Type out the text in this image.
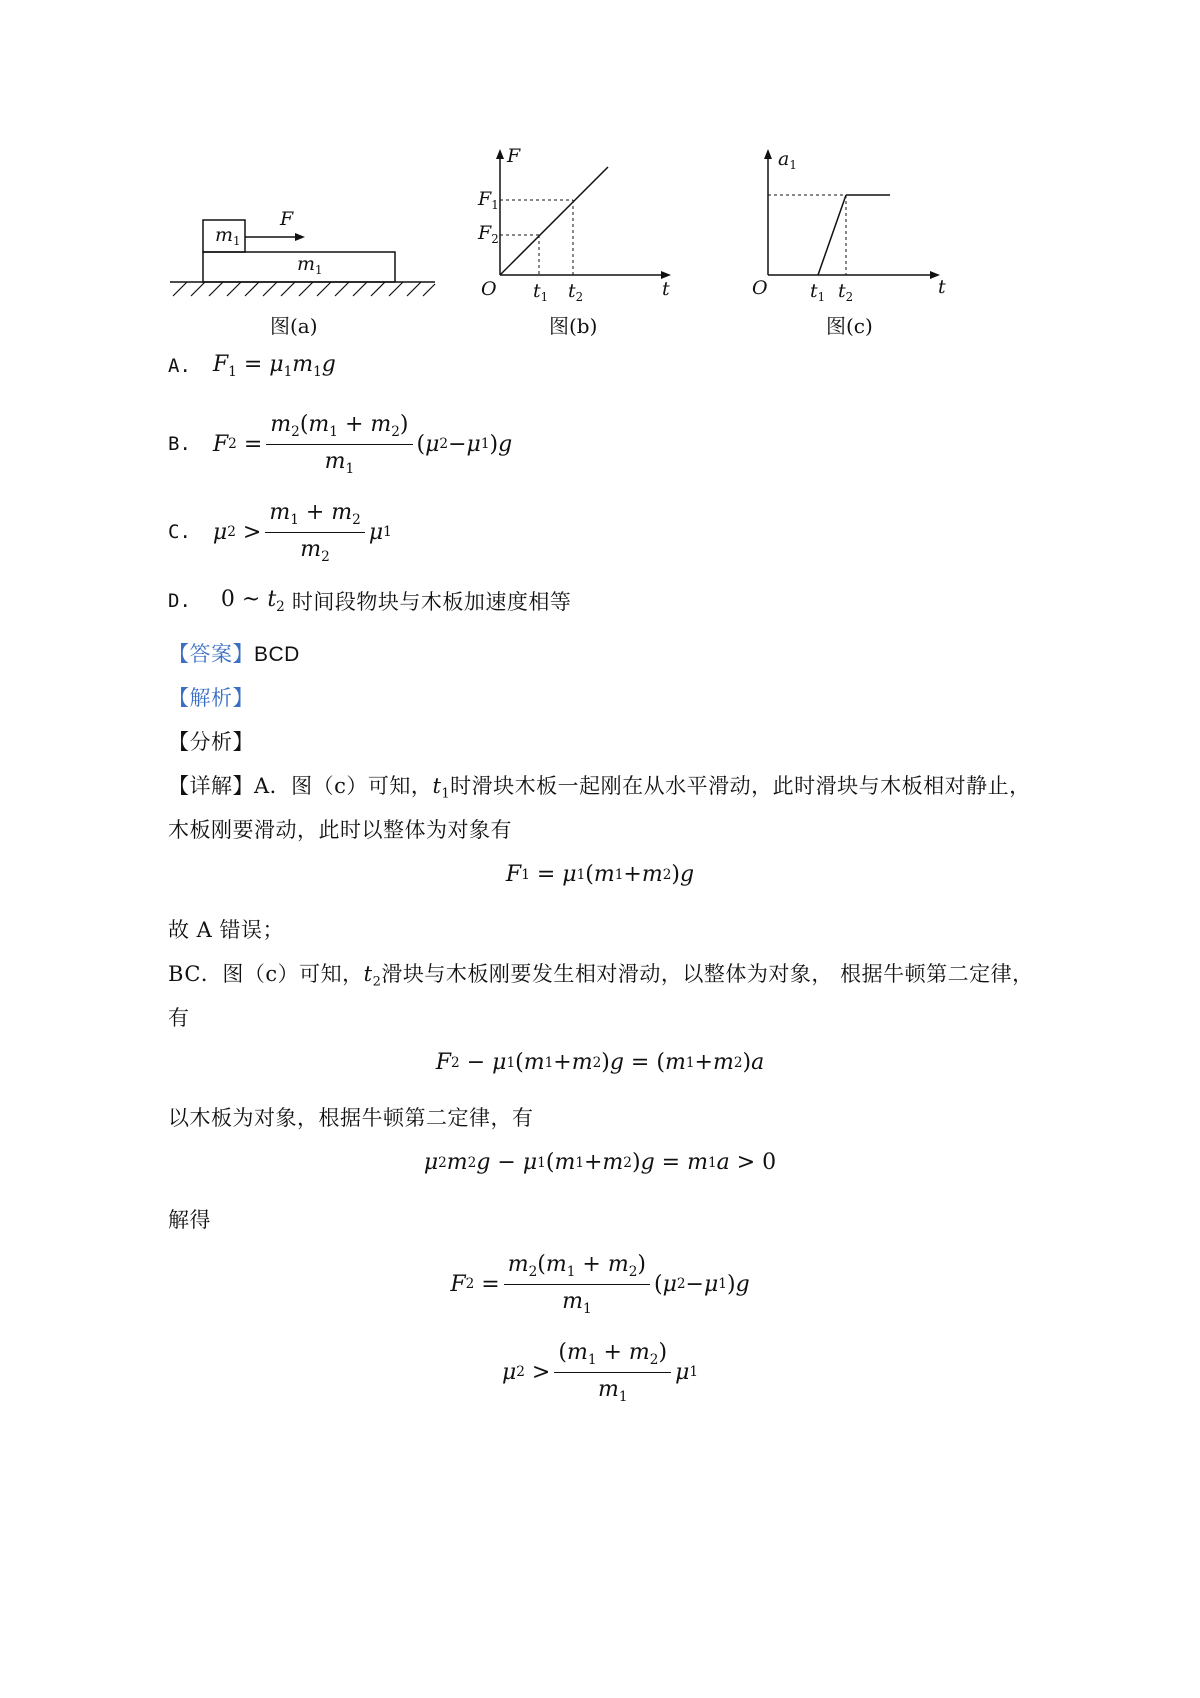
$m_1$
$m_1$
F
图(a)
F
t
O
$F_1$
$F_2$
$t_1$ $t_2$
图(b)
$a_1$
t
O $t_1$ $t_2$
图(c)
A. $F_1 = \mu_1m_1g$
B. F $2 = \frac{m_2(m_1 + m_2)}{m_1}$ ( μ 2 − μ 1 ) g
C. μ $2 > \frac{m_1 + m_2}{m_2}$ μ 1
D. 0 ~ $t_2$ 时间段物块与木板加速度相等
【答案】BCD
【解析】
【分析】
【详解】A．图（c）可知，$t_1$时滑块木板一起刚在从水平滑动，此时滑块与木板相对静止，
木板刚要滑动，此时以整体为对象有
F 1 = μ 1 ( m 1 + m 2 ) g
故 A 错误；
BC．图（c）可知，$t_2$滑块与木板刚要发生相对滑动，以整体为对象， 根据牛顿第二定律，
有
F 2 − μ 1 ( m 1 + m 2 ) g = ( m 1 + m 2 ) a
以木板为对象，根据牛顿第二定律，有
μ 2 m 2 g − μ 1 ( m 1 + m 2 ) g = m 1 a > 0
解得
F $2 = \frac{m_2(m_1 + m_2)}{m_1}$ ( μ 2 − μ 1 ) g
μ $2 > \frac{(m_1 + m_2)}{m_1}$ μ 1
